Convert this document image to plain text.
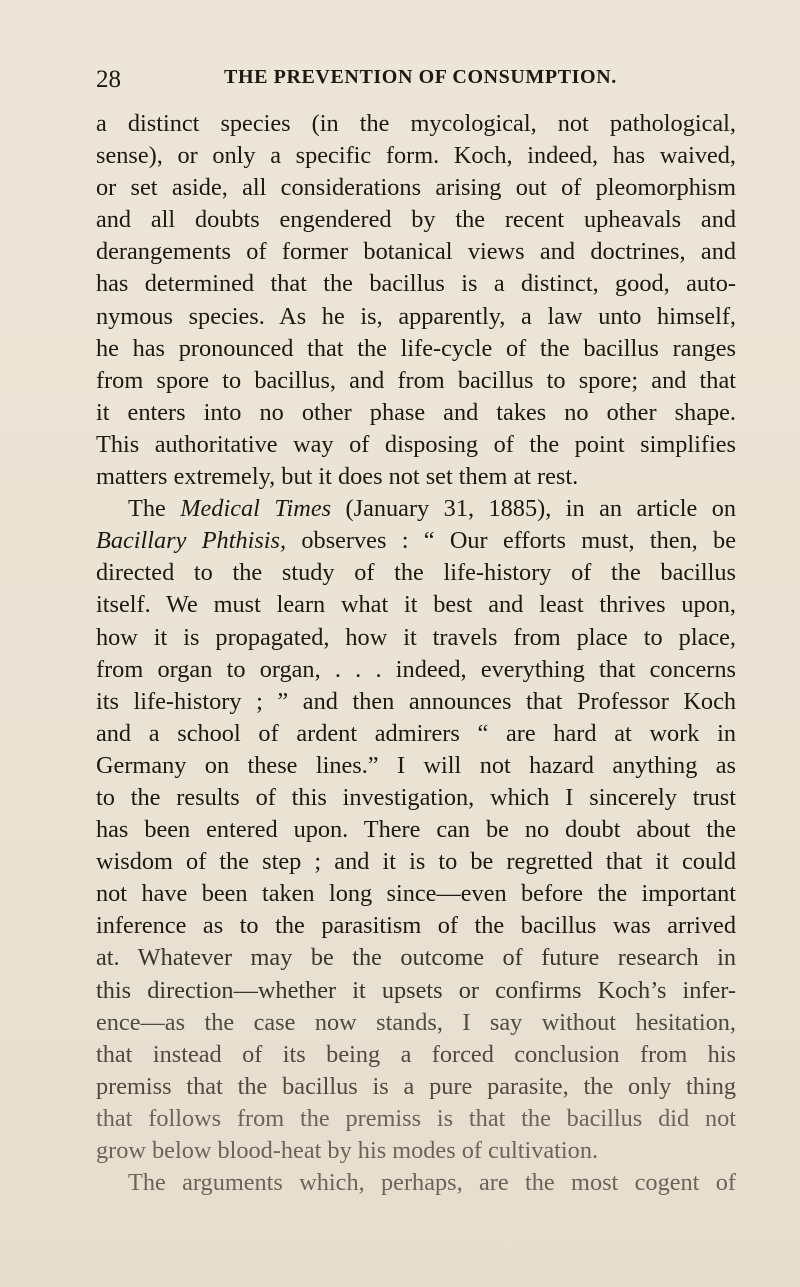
28	THE PREVENTION OF CONSUMPTION.
a distinct species (in the mycological, not pathological,
sense), or only a specific form. Koch, indeed, has waived,
or set aside, all considerations arising out of pleomorphism
and all doubts engendered by the recent upheavals and
derangements of former botanical views and doctrines, and
has determined that the bacillus is a distinct, good, auto-
nymous species. As he is, apparently, a law unto himself,
he has pronounced that the life-cycle of the bacillus ranges
from spore to bacillus, and from bacillus to spore; and that
it enters into no other phase and takes no other shape.
This authoritative way of disposing of the point simplifies
matters extremely, but it does not set them at rest.
The Medical Times (January 31, 1885), in an article on
Bacillary Phthisis, observes : “ Our efforts must, then, be
directed to the study of the life-history of the bacillus
itself. We must learn what it best and least thrives upon,
how it is propagated, how it travels from place to place,
from organ to organ, . . . indeed, everything that concerns
its life-history ; ” and then announces that Professor Koch
and a school of ardent admirers “ are hard at work in
Germany on these lines.” I will not hazard anything as
to the results of this investigation, which I sincerely trust
has been entered upon. There can be no doubt about the
wisdom of the step ; and it is to be regretted that it could
not have been taken long since—even before the important
inference as to the parasitism of the bacillus was arrived
at. Whatever may be the outcome of future research in
this direction—whether it upsets or confirms Koch’s infer-
ence—as the case now stands, I say without hesitation,
that instead of its being a forced conclusion from his
premiss that the bacillus is a pure parasite, the only thing
that follows from the premiss is that the bacillus did not
grow below blood-heat by his modes of cultivation.
The arguments which, perhaps, are the most cogent of
